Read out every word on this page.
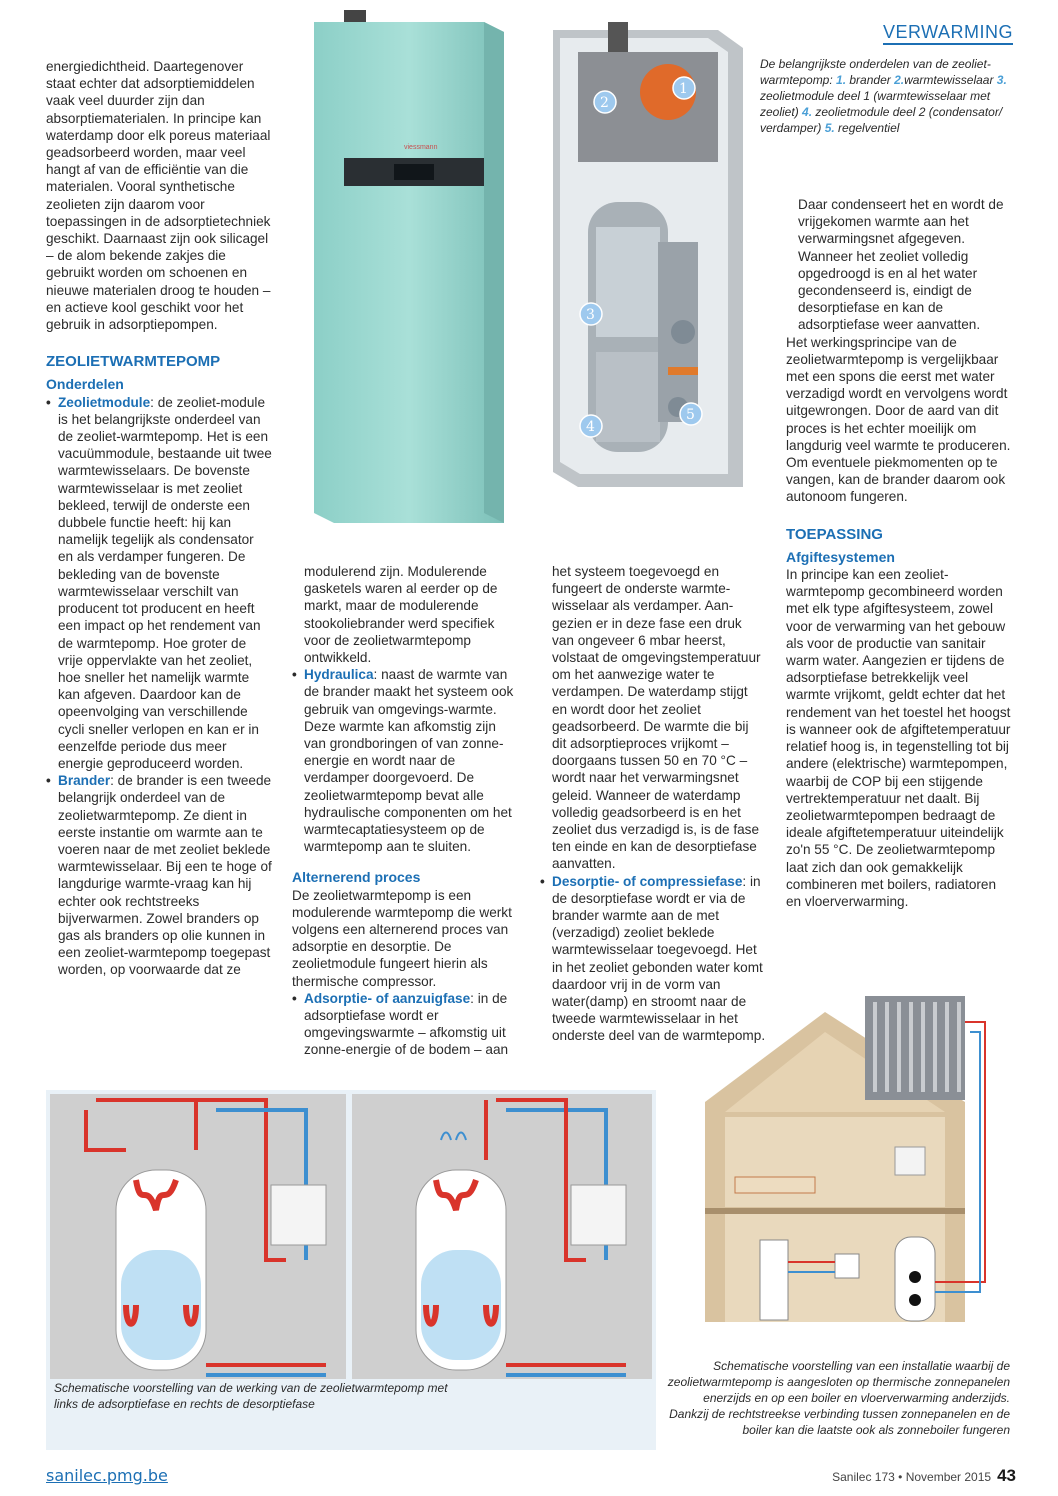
VERWARMING
viessmann
1
2
3
4
5
De belangrijkste onderdelen van de zeoliet-warmtepomp: 1. brander 2.warmtewisselaar 3. zeolietmodule deel 1 (warmtewisselaar met zeoliet) 4. zeolietmodule deel 2 (condensator/ verdamper) 5. regelventiel

energiedichtheid. Daartegenover staat echter dat adsorptiemiddelen vaak veel duurder zijn dan absorptiematerialen. In principe kan waterdamp door elk poreus materiaal geadsorbeerd worden, maar veel hangt af van de efficiëntie van die materialen. Vooral synthetische zeolieten zijn daarom voor toepassingen in de adsorptietechniek geschikt. Daarnaast zijn ook silicagel – de alom bekende zakjes die gebruikt worden om schoenen en nieuwe materialen droog te houden – en actieve kool geschikt voor het gebruik in adsorptiepompen.

ZEOLIETWARMTEPOMP
Onderdelen

• Zeolietmodule: de zeoliet-module is het belangrijkste onderdeel van de zeoliet-warmtepomp. Het is een vacuümmodule, bestaande uit twee warmtewisselaars. De bovenste warmtewisselaar is met zeoliet bekleed, terwijl de onderste een dubbele functie heeft: hij kan namelijk tegelijk als condensator en als verdamper fungeren. De bekleding van de bovenste warmtewisselaar verschilt van producent tot producent en heeft een impact op het rendement van de warmtepomp. Hoe groter de vrije oppervlakte van het zeoliet, hoe sneller het namelijk warmte kan afgeven. Daardoor kan de opeenvolging van verschillende cycli sneller verlopen en kan er in eenzelfde periode dus meer energie geproduceerd worden.

• Brander: de brander is een tweede belangrijk onderdeel van de zeolietwarmtepomp. Ze dient in eerste instantie om warmte aan te voeren naar de met zeoliet beklede warmtewisselaar. Bij een te hoge of langdurige warmte-vraag kan hij echter ook rechtstreeks bijverwarmen. Zowel branders op gas als branders op olie kunnen in een zeoliet-warmtepomp toegepast worden, op voorwaarde dat ze

modulerend zijn. Modulerende gasketels waren al eerder op de markt, maar de modulerende stookoliebrander werd specifiek voor de zeolietwarmtepomp ontwikkeld.

• Hydraulica: naast de warmte van de brander maakt het systeem ook gebruik van omgevings-warmte. Deze warmte kan afkomstig zijn van grondboringen of van zonne-energie en wordt naar de verdamper doorgevoerd. De zeolietwarmtepomp bevat alle hydraulische componenten om het warmtecaptatiesysteem op de warmtepomp aan te sluiten.

Alternerend proces

De zeolietwarmtepomp is een modulerende warmtepomp die werkt volgens een alternerend proces van adsorptie en desorptie. De zeolietmodule fungeert hierin als thermische compressor.

• Adsorptie- of aanzuigfase: in de adsorptiefase wordt er omgevingswarmte – afkomstig uit zonne-energie of de bodem – aan

het systeem toegevoegd en fungeert de onderste warmte-wisselaar als verdamper. Aan-gezien er in deze fase een druk van ongeveer 6 mbar heerst, volstaat de omgevingstemperatuur om het aanwezige water te verdampen. De waterdamp stijgt en wordt door het zeoliet geadsorbeerd. De warmte die bij dit adsorptieproces vrijkomt – doorgaans tussen 50 en 70 °C – wordt naar het verwarmingsnet geleid. Wanneer de waterdamp volledig geadsorbeerd is en het zeoliet dus verzadigd is, is de fase ten einde en kan de desorptiefase aanvatten.

• Desorptie- of compressiefase: in de desorptiefase wordt er via de brander warmte aan de met (verzadigd) zeoliet beklede warmtewisselaar toegevoegd. Het in het zeoliet gebonden water komt daardoor vrij in de vorm van water(damp) en stroomt naar de tweede warmtewisselaar in het onderste deel van de warmtepomp.

Daar condenseert het en wordt de vrijgekomen warmte aan het verwarmingsnet afgegeven. Wanneer het zeoliet volledig opgedroogd is en al het water gecondenseerd is, eindigt de desorptiefase en kan de adsorptiefase weer aanvatten.

Het werkingsprincipe van de zeolietwarmtepomp is vergelijkbaar met een spons die eerst met water verzadigd wordt en vervolgens wordt uitgewrongen. Door de aard van dit proces is het echter moeilijk om langdurig veel warmte te produceren. Om eventuele piekmomenten op te vangen, kan de brander daarom ook autonoom fungeren.

TOEPASSING
Afgiftesystemen

In principe kan een zeoliet-warmtepomp gecombineerd worden met elk type afgiftesysteem, zowel voor de verwarming van het gebouw als voor de productie van sanitair warm water. Aangezien er tijdens de adsorptiefase betrekkelijk veel warmte vrijkomt, geldt echter dat het rendement van het toestel het hoogst is wanneer ook de afgiftetemperatuur relatief hoog is, in tegenstelling tot bij andere (elektrische) warmtepompen, waarbij de COP bij een stijgende vertrektemperatuur net daalt. Bij zeolietwarmtepompen bedraagt de ideale afgiftetemperatuur uiteindelijk zo'n 55 °C. De zeolietwarmtepomp laat zich dan ook gemakkelijk combineren met boilers, radiatoren en vloerverwarming.

Schematische voorstelling van een installatie waarbij de zeolietwarmtepomp is aangesloten op thermische zonnepanelen enerzijds en op een boiler en vloerverwarming anderzijds. Dankzij de rechtstreekse verbinding tussen zonnepanelen en de boiler kan die laatste ook als zonneboiler fungeren
Schematische voorstelling van de werking van de zeolietwarmtepomp met links de adsorptiefase en rechts de desorptiefase
sanilec.pmg.be	Sanilec 173 • November 2015 43
